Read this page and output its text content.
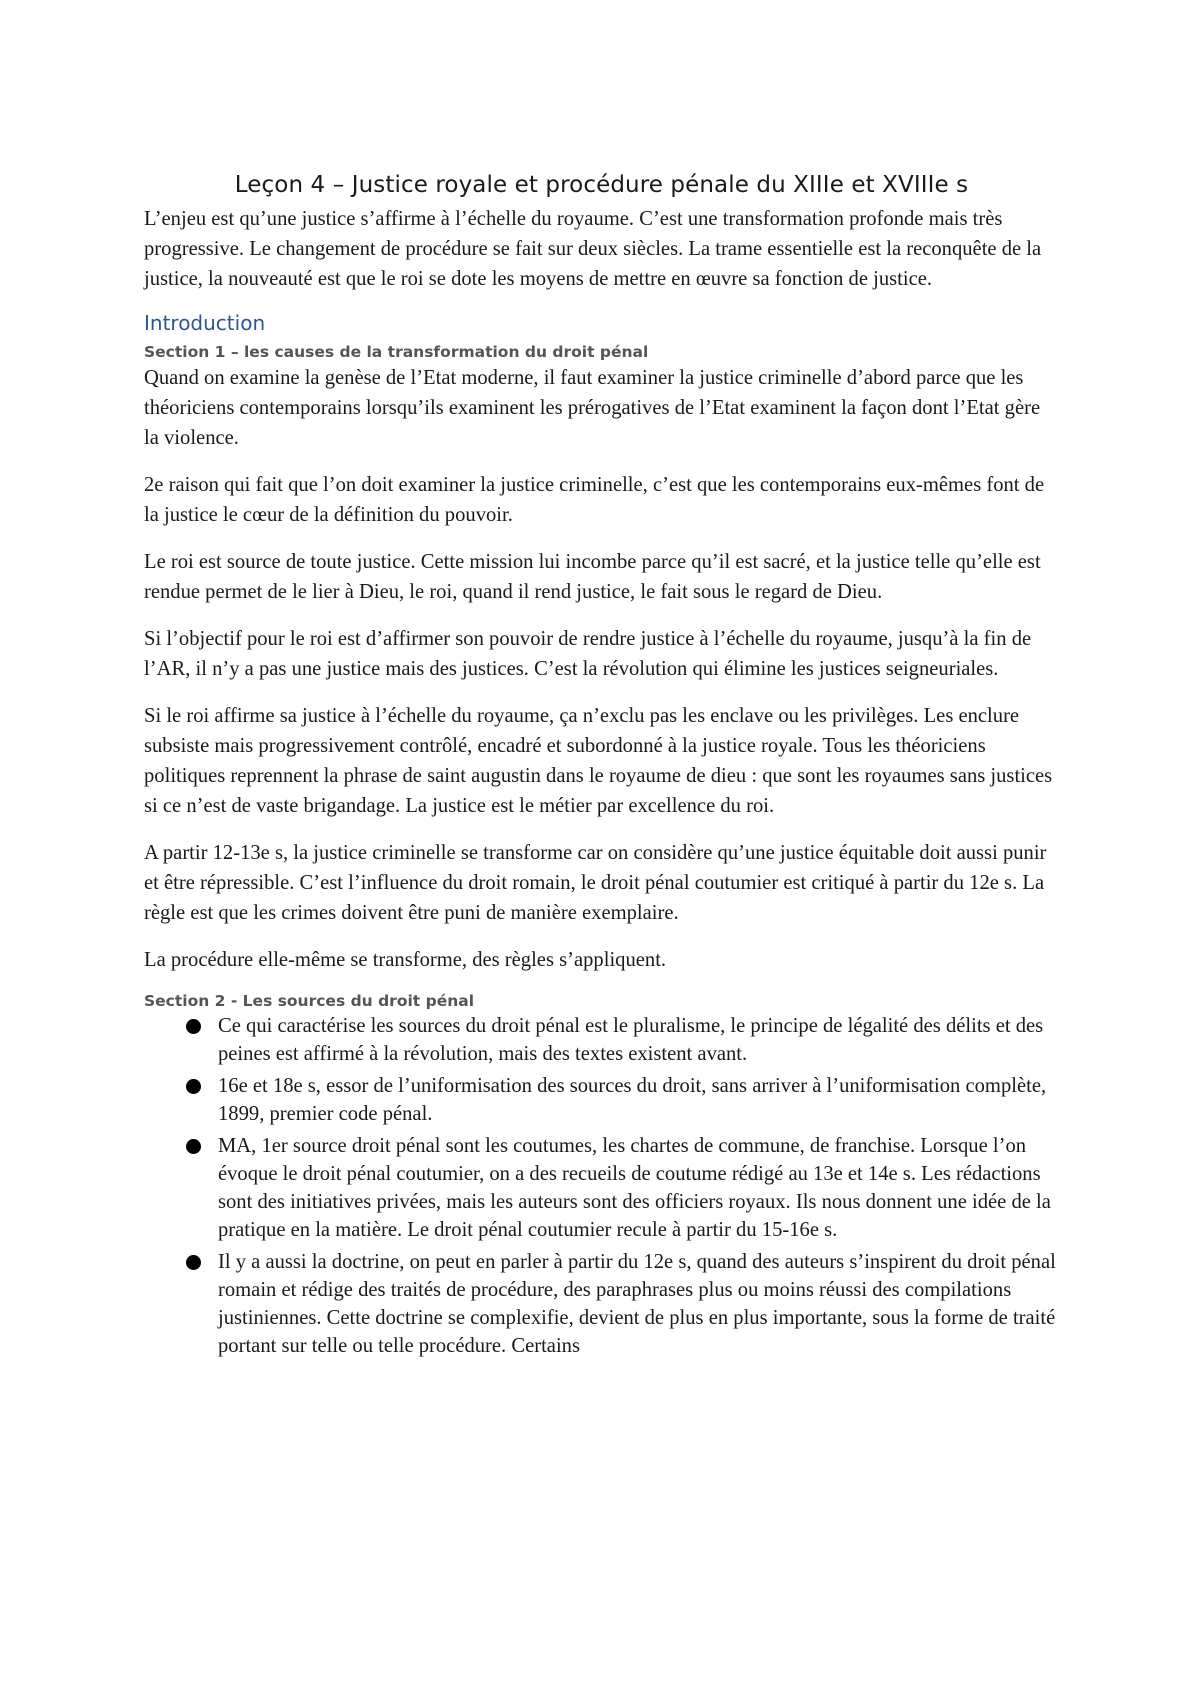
Leçon 4 – Justice royale et procédure pénale du XIIIe et XVIIIe s

L’enjeu est qu’une justice s’affirme à l’échelle du royaume. C’est une transformation profonde mais très progressive. Le changement de procédure se fait sur deux siècles. La trame essentielle est la reconquête de la justice, la nouveauté est que le roi se dote les moyens de mettre en œuvre sa fonction de justice.

Introduction
Section 1 – les causes de la transformation du droit pénal

Quand on examine la genèse de l’Etat moderne, il faut examiner la justice criminelle d’abord parce que les théoriciens contemporains lorsqu’ils examinent les prérogatives de l’Etat examinent la façon dont l’Etat gère la violence.

2e raison qui fait que l’on doit examiner la justice criminelle, c’est que les contemporains eux-mêmes font de la justice le cœur de la définition du pouvoir.

Le roi est source de toute justice. Cette mission lui incombe parce qu’il est sacré, et la justice telle qu’elle est rendue permet de le lier à Dieu, le roi, quand il rend justice, le fait sous le regard de Dieu.

Si l’objectif pour le roi est d’affirmer son pouvoir de rendre justice à l’échelle du royaume, jusqu’à la fin de l’AR, il n’y a pas une justice mais des justices. C’est la révolution qui élimine les justices seigneuriales.

Si le roi affirme sa justice à l’échelle du royaume, ça n’exclu pas les enclave ou les privilèges. Les enclure subsiste mais progressivement contrôlé, encadré et subordonné à la justice royale. Tous les théoriciens politiques reprennent la phrase de saint augustin dans le royaume de dieu : que sont les royaumes sans justices si ce n’est de vaste brigandage. La justice est le métier par excellence du roi.

A partir 12-13e s, la justice criminelle se transforme car on considère qu’une justice équitable doit aussi punir et être répressible. C’est l’influence du droit romain, le droit pénal coutumier est critiqué à partir du 12e s. La règle est que les crimes doivent être puni de manière exemplaire.

La procédure elle-même se transforme, des règles s’appliquent.

Section 2 - Les sources du droit pénal
Ce qui caractérise les sources du droit pénal est le pluralisme, le principe de légalité des délits et des peines est affirmé à la révolution, mais des textes existent avant.
16e et 18e s, essor de l’uniformisation des sources du droit, sans arriver à l’uniformisation complète, 1899, premier code pénal.
MA, 1er source droit pénal sont les coutumes, les chartes de commune, de franchise. Lorsque l’on évoque le droit pénal coutumier, on a des recueils de coutume rédigé au 13e et 14e s. Les rédactions sont des initiatives privées, mais les auteurs sont des officiers royaux. Ils nous donnent une idée de la pratique en la matière. Le droit pénal coutumier recule à partir du 15-16e s.
Il y a aussi la doctrine, on peut en parler à partir du 12e s, quand des auteurs s’inspirent du droit pénal romain et rédige des traités de procédure, des paraphrases plus ou moins réussi des compilations justiniennes. Cette doctrine se complexifie, devient de plus en plus importante, sous la forme de traité portant sur telle ou telle procédure. Certains
